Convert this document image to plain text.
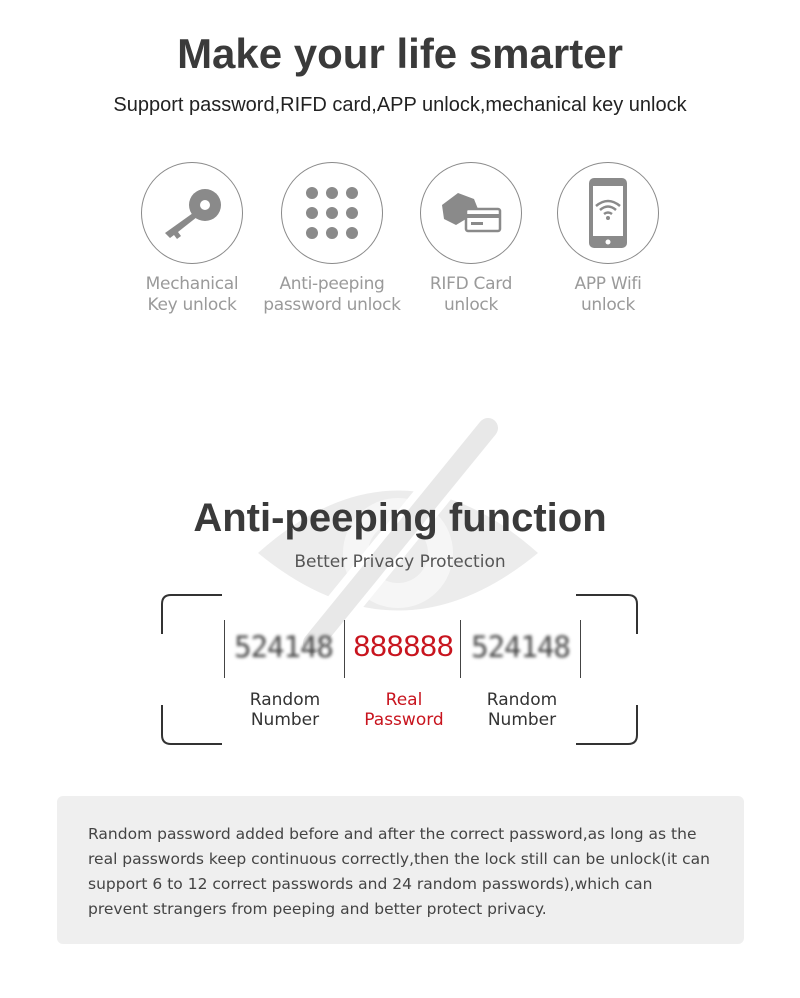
Make your life smarter
Support password,RIFD card,APP unlock,mechanical key unlock
Mechanical
Key unlock
Anti-peeping
password unlock
RIFD Card
unlock
APP Wifi
unlock
Anti-peeping function
Better Privacy Protection
524148 888888 524148
Random
Number
Real
Password
Random
Number
Random password added before and after the correct password,as long as the real passwords keep continuous correctly,then the lock still can be unlock(it can support 6 to 12 correct passwords and 24 random passwords),which can prevent strangers from peeping and better protect privacy.
